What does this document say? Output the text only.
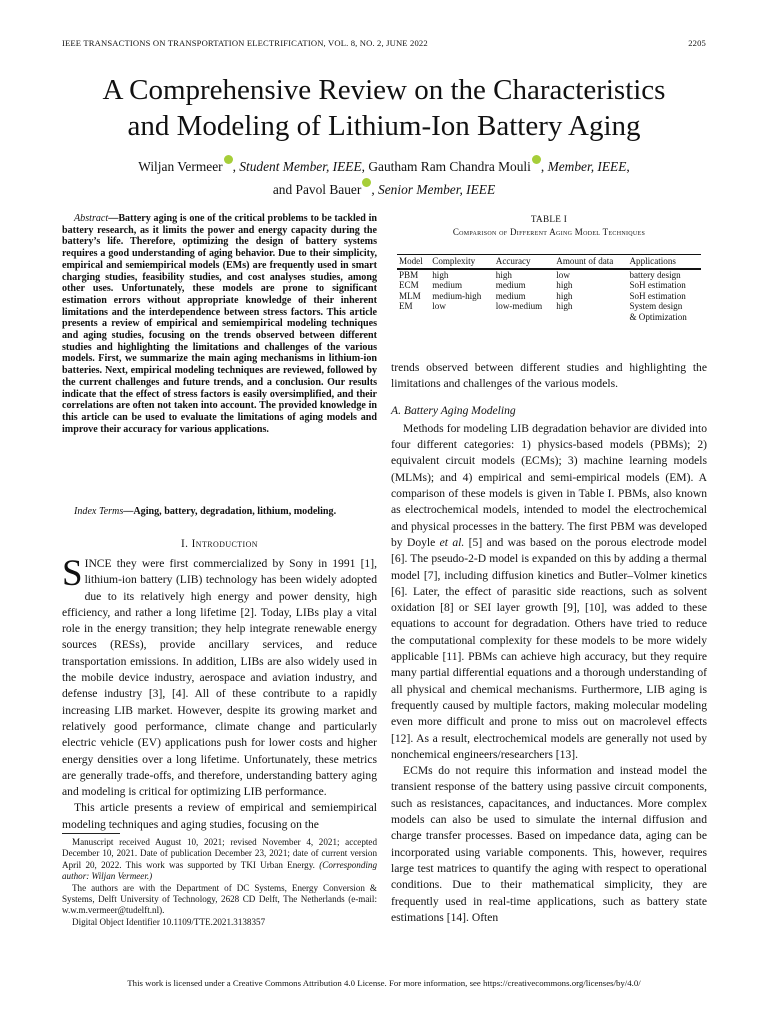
IEEE TRANSACTIONS ON TRANSPORTATION ELECTRIFICATION, VOL. 8, NO. 2, JUNE 2022	2205
A Comprehensive Review on the Characteristics
and Modeling of Lithium-Ion Battery Aging
Wiljan Vermeer , Student Member, IEEE, Gautham Ram Chandra Mouli , Member, IEEE,
and Pavol Bauer , Senior Member, IEEE
Abstract—Battery aging is one of the critical problems to be tackled in battery research, as it limits the power and energy capacity during the battery’s life. Therefore, optimizing the design of battery systems requires a good understanding of aging behavior. Due to their simplicity, empirical and semiempirical models (EMs) are frequently used in smart charging studies, feasibility studies, and cost analyses studies, among other uses. Unfortunately, these models are prone to significant estimation errors without appropriate knowledge of their inherent limitations and the interdependence between stress factors. This article presents a review of empirical and semiempirical modeling techniques and aging studies, focusing on the trends observed between different studies and highlighting the limitations and challenges of the various models. First, we summarize the main aging mechanisms in lithium-ion batteries. Next, empirical modeling techniques are reviewed, followed by the current challenges and future trends, and a conclusion. Our results indicate that the effect of stress factors is easily oversimplified, and their correlations are often not taken into account. The provided knowledge in this article can be used to evaluate the limitations of aging models and improve their accuracy for various applications.
Index Terms—Aging, battery, degradation, lithium, modeling.
I. Introduction

SINCE they were first commercialized by Sony in 1991 [1], lithium-ion battery (LIB) technology has been widely adopted due to its relatively high energy and power density, high efficiency, and rather a long lifetime [2]. Today, LIBs play a vital role in the energy transition; they help integrate renewable energy sources (RESs), provide ancillary services, and reduce transportation emissions. In addition, LIBs are also widely used in the mobile device industry, aerospace and aviation industry, and defense industry [3], [4]. All of these contribute to a rapidly increasing LIB market. However, despite its growing market and relatively good performance, climate change and particularly electric vehicle (EV) applications push for lower costs and higher energy densities over a long lifetime. Unfortunately, these metrics are generally trade-offs, and therefore, understanding battery aging and modeling is critical for optimizing LIB performance.

This article presents a review of empirical and semiempirical modeling techniques and aging studies, focusing on the

Manuscript received August 10, 2021; revised November 4, 2021; accepted December 10, 2021. Date of publication December 23, 2021; date of current version April 20, 2022. This work was supported by TKI Urban Energy. (Corresponding author: Wiljan Vermeer.)

The authors are with the Department of DC Systems, Energy Conversion & Systems, Delft University of Technology, 2628 CD Delft, The Netherlands (e-mail: w.w.m.vermeer@tudelft.nl).

Digital Object Identifier 10.1109/TTE.2021.3138357

TABLE I
Comparison of Different Aging Model Techniques
Model	Complexity	Accuracy	Amount of data	Applications
PBM	high	high	low	battery design
ECM	medium	medium	high	SoH estimation
MLM	medium-high	medium	high	SoH estimation
EM	low	low-medium	high	System design
				& Optimization

trends observed between different studies and highlighting the limitations and challenges of the various models.

A. Battery Aging Modeling

Methods for modeling LIB degradation behavior are divided into four different categories: 1) physics-based models (PBMs); 2) equivalent circuit models (ECMs); 3) machine learning models (MLMs); and 4) empirical and semi-empirical models (EM). A comparison of these models is given in Table I. PBMs, also known as electrochemical models, intended to model the electrochemical and physical processes in the battery. The first PBM was developed by Doyle et al. [5] and was based on the porous electrode model [6]. The pseudo-2-D model is expanded on this by adding a thermal model [7], including diffusion kinetics and Butler–Volmer kinetics [6]. Later, the effect of parasitic side reactions, such as solvent oxidation [8] or SEI layer growth [9], [10], was added to these equations to account for degradation. Others have tried to reduce the computational complexity for these models to be more widely applicable [11]. PBMs can achieve high accuracy, but they require many partial differential equations and a thorough understanding of all physical and chemical mechanisms. Furthermore, LIB aging is frequently caused by multiple factors, making molecular modeling even more difficult and prone to miss out on macrolevel effects [12]. As a result, electrochemical models are generally not used by nonchemical engineers/researchers [13].

ECMs do not require this information and instead model the transient response of the battery using passive circuit components, such as resistances, capacitances, and inductances. More complex models can also be used to simulate the internal diffusion and charge transfer processes. Based on impedance data, aging can be incorporated using variable components. This, however, requires large test matrices to quantify the aging with respect to operational conditions. Due to their mathematical simplicity, they are frequently used in real-time applications, such as battery state estimations [14]. Often

This work is licensed under a Creative Commons Attribution 4.0 License. For more information, see https://creativecommons.org/licenses/by/4.0/
